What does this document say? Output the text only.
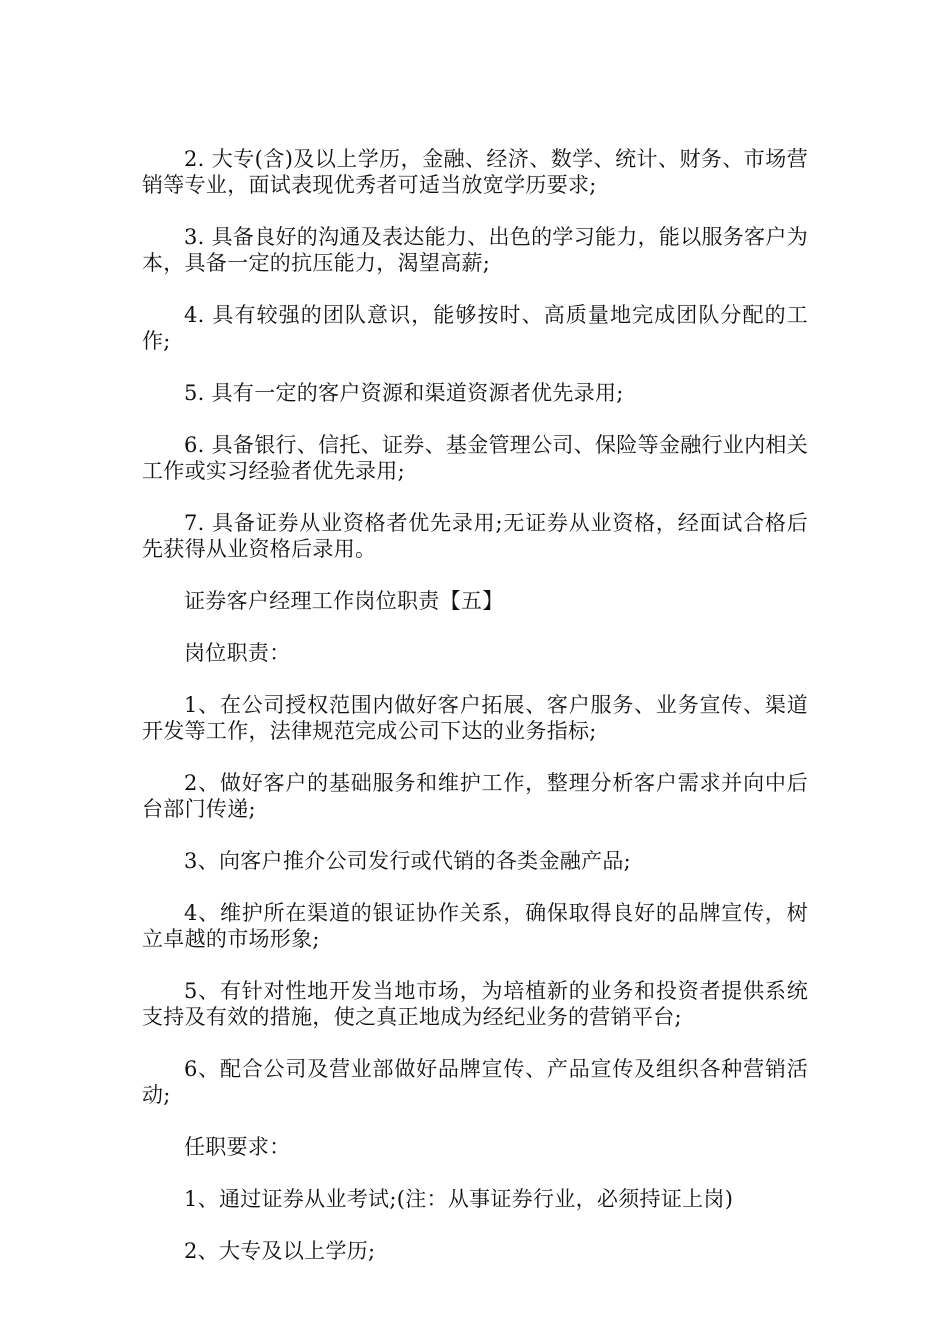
2. 大专(含)及以上学历，金融、经济、数学、统计、财务、市场营销等专业，面试表现优秀者可适当放宽学历要求;

3. 具备良好的沟通及表达能力、出色的学习能力，能以服务客户为本，具备一定的抗压能力，渴望高薪;

4. 具有较强的团队意识，能够按时、高质量地完成团队分配的工作;

5. 具有一定的客户资源和渠道资源者优先录用;

6. 具备银行、信托、证券、基金管理公司、保险等金融行业内相关工作或实习经验者优先录用;

7. 具备证券从业资格者优先录用;无证券从业资格，经面试合格后先获得从业资格后录用。

证券客户经理工作岗位职责【五】

岗位职责：

1、在公司授权范围内做好客户拓展、客户服务、业务宣传、渠道开发等工作，法律规范完成公司下达的业务指标;

2、做好客户的基础服务和维护工作，整理分析客户需求并向中后台部门传递;

3、向客户推介公司发行或代销的各类金融产品;

4、维护所在渠道的银证协作关系，确保取得良好的品牌宣传，树立卓越的市场形象;

5、有针对性地开发当地市场，为培植新的业务和投资者提供系统支持及有效的措施，使之真正地成为经纪业务的营销平台;

6、配合公司及营业部做好品牌宣传、产品宣传及组织各种营销活动;

任职要求：

1、通过证券从业考试;(注：从事证券行业，必须持证上岗)

2、大专及以上学历;
